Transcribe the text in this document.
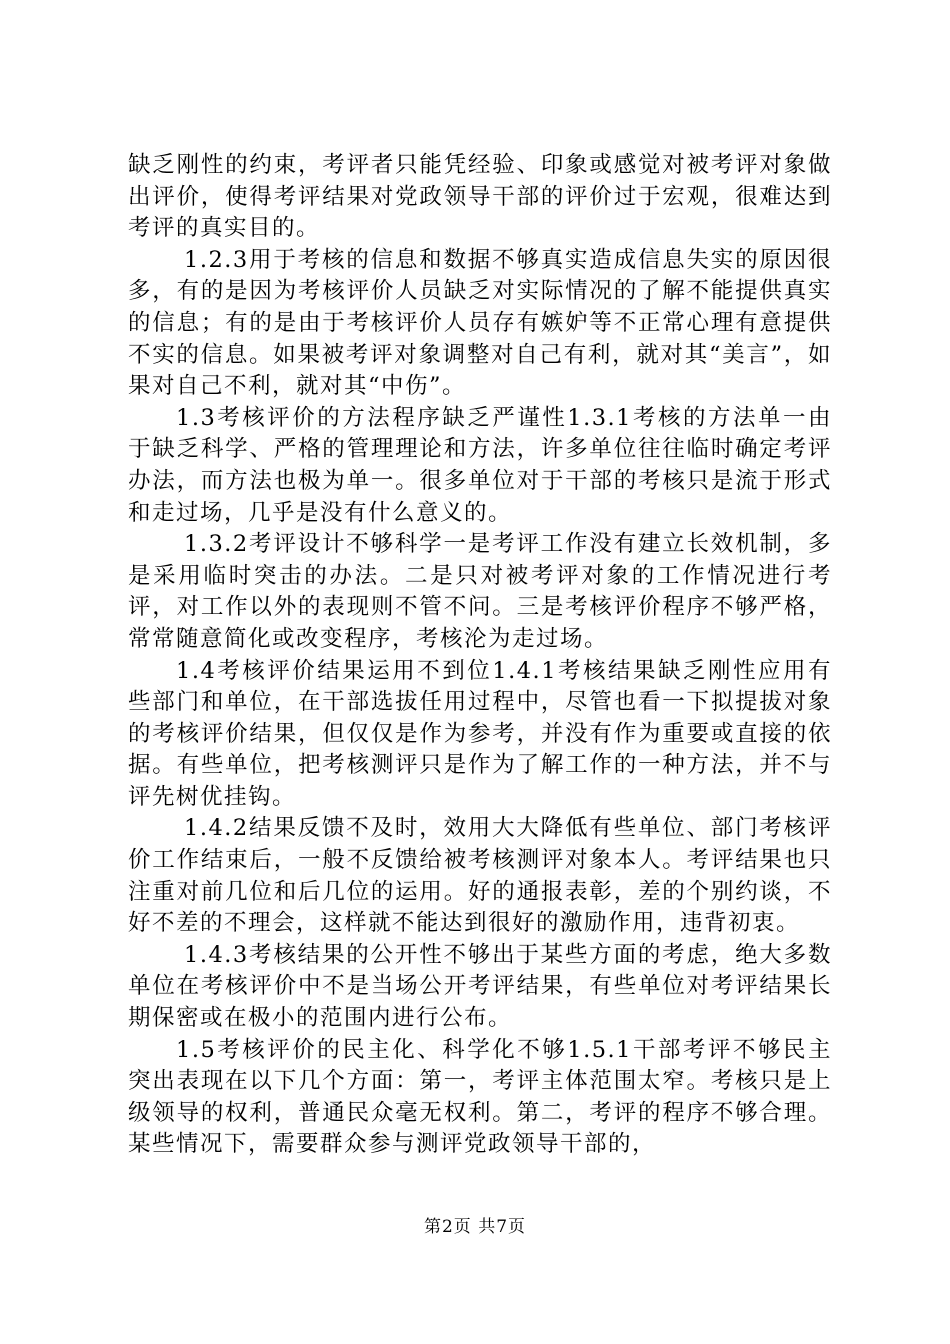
缺乏刚性的约束，考评者只能凭经验、印象或感觉对被考评对象做出评价，使得考评结果对党政领导干部的评价过于宏观，很难达到考评的真实目的。

1.2.3用于考核的信息和数据不够真实造成信息失实的原因很多，有的是因为考核评价人员缺乏对实际情况的了解不能提供真实的信息；有的是由于考核评价人员存有嫉妒等不正常心理有意提供不实的信息。如果被考评对象调整对自己有利，就对其“美言”，如果对自己不利，就对其“中伤”。

1.3考核评价的方法程序缺乏严谨性1.3.1考核的方法单一由于缺乏科学、严格的管理理论和方法，许多单位往往临时确定考评办法，而方法也极为单一。很多单位对于干部的考核只是流于形式和走过场，几乎是没有什么意义的。

1.3.2考评设计不够科学一是考评工作没有建立长效机制，多是采用临时突击的办法。二是只对被考评对象的工作情况进行考评，对工作以外的表现则不管不问。三是考核评价程序不够严格，常常随意简化或改变程序，考核沦为走过场。

1.4考核评价结果运用不到位1.4.1考核结果缺乏刚性应用有些部门和单位，在干部选拔任用过程中，尽管也看一下拟提拔对象的考核评价结果，但仅仅是作为参考，并没有作为重要或直接的依据。有些单位，把考核测评只是作为了解工作的一种方法，并不与评先树优挂钩。

1.4.2结果反馈不及时，效用大大降低有些单位、部门考核评价工作结束后，一般不反馈给被考核测评对象本人。考评结果也只注重对前几位和后几位的运用。好的通报表彰，差的个别约谈，不好不差的不理会，这样就不能达到很好的激励作用，违背初衷。

1.4.3考核结果的公开性不够出于某些方面的考虑，绝大多数单位在考核评价中不是当场公开考评结果，有些单位对考评结果长期保密或在极小的范围内进行公布。

1.5考核评价的民主化、科学化不够1.5.1干部考评不够民主突出表现在以下几个方面：第一，考评主体范围太窄。考核只是上级领导的权利，普通民众毫无权利。第二，考评的程序不够合理。某些情况下，需要群众参与测评党政领导干部的，

第2页 共7页
